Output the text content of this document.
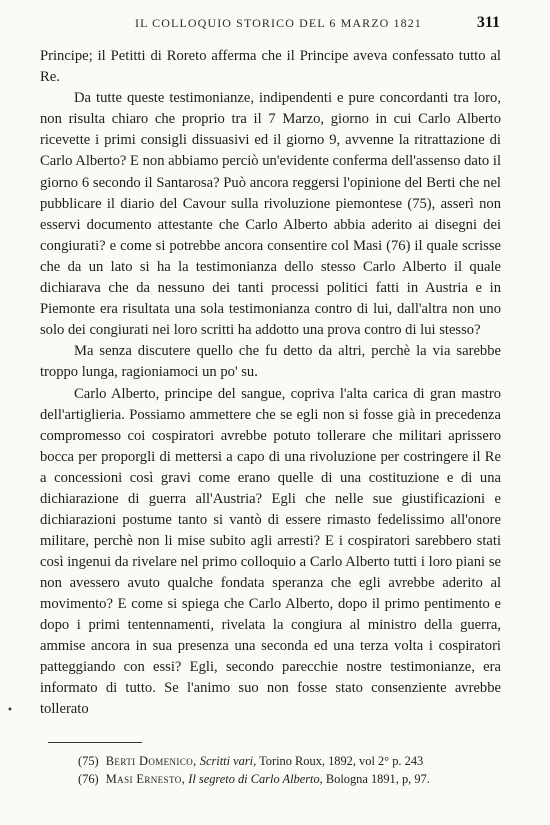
IL COLLOQUIO STORICO DEL 6 MARZO 1821	311

Principe; il Petitti di Roreto afferma che il Principe aveva confessato tutto al Re.

Da tutte queste testimonianze, indipendenti e pure concordanti tra loro, non risulta chiaro che proprio tra il 7 Marzo, giorno in cui Carlo Alberto ricevette i primi consigli dissuasivi ed il giorno 9, avvenne la ritrattazione di Carlo Alberto? E non abbiamo perciò un'evidente conferma dell'assenso dato il giorno 6 secondo il Santarosa? Può ancora reggersi l'opinione del Berti che nel pubblicare il diario del Cavour sulla rivoluzione piemontese (75), asserì non esservi documento attestante che Carlo Alberto abbia aderito ai disegni dei congiurati? e come si potrebbe ancora consentire col Masi (76) il quale scrisse che da un lato si ha la testimonianza dello stesso Carlo Alberto il quale dichiarava che da nessuno dei tanti processi politici fatti in Austria e in Piemonte era risultata una sola testimonianza contro di lui, dall'altra non uno solo dei congiurati nei loro scritti ha addotto una prova contro di lui stesso?

Ma senza discutere quello che fu detto da altri, perchè la via sarebbe troppo lunga, ragioniamoci un po' su.

Carlo Alberto, principe del sangue, copriva l'alta carica di gran mastro dell'artiglieria. Possiamo ammettere che se egli non si fosse già in precedenza compromesso coi cospiratori avrebbe potuto tollerare che militari aprissero bocca per proporgli di mettersi a capo di una rivoluzione per costringere il Re a concessioni così gravi come erano quelle di una costituzione e di una dichiarazione di guerra all'Austria? Egli che nelle sue giustificazioni e dichiarazioni postume tanto si vantò di essere rimasto fedelissimo all'onore militare, perchè non li mise subito agli arresti? E i cospiratori sarebbero stati così ingenui da rivelare nel primo colloquio a Carlo Alberto tutti i loro piani se non avessero avuto qualche fondata speranza che egli avrebbe aderito al movimento? E come si spiega che Carlo Alberto, dopo il primo pentimento e dopo i primi tentennamenti, rivelata la congiura al ministro della guerra, ammise ancora in sua presenza una seconda ed una terza volta i cospiratori patteggiando con essi? Egli, secondo parecchie nostre testimonianze, era informato di tutto. Se l'animo suo non fosse stato consenziente avrebbe tollerato

(75) Berti Domenico, Scritti vari, Torino Roux, 1892, vol 2° p. 243
(76) Masi Ernesto, Il segreto di Carlo Alberto, Bologna 1891, p, 97.
•
